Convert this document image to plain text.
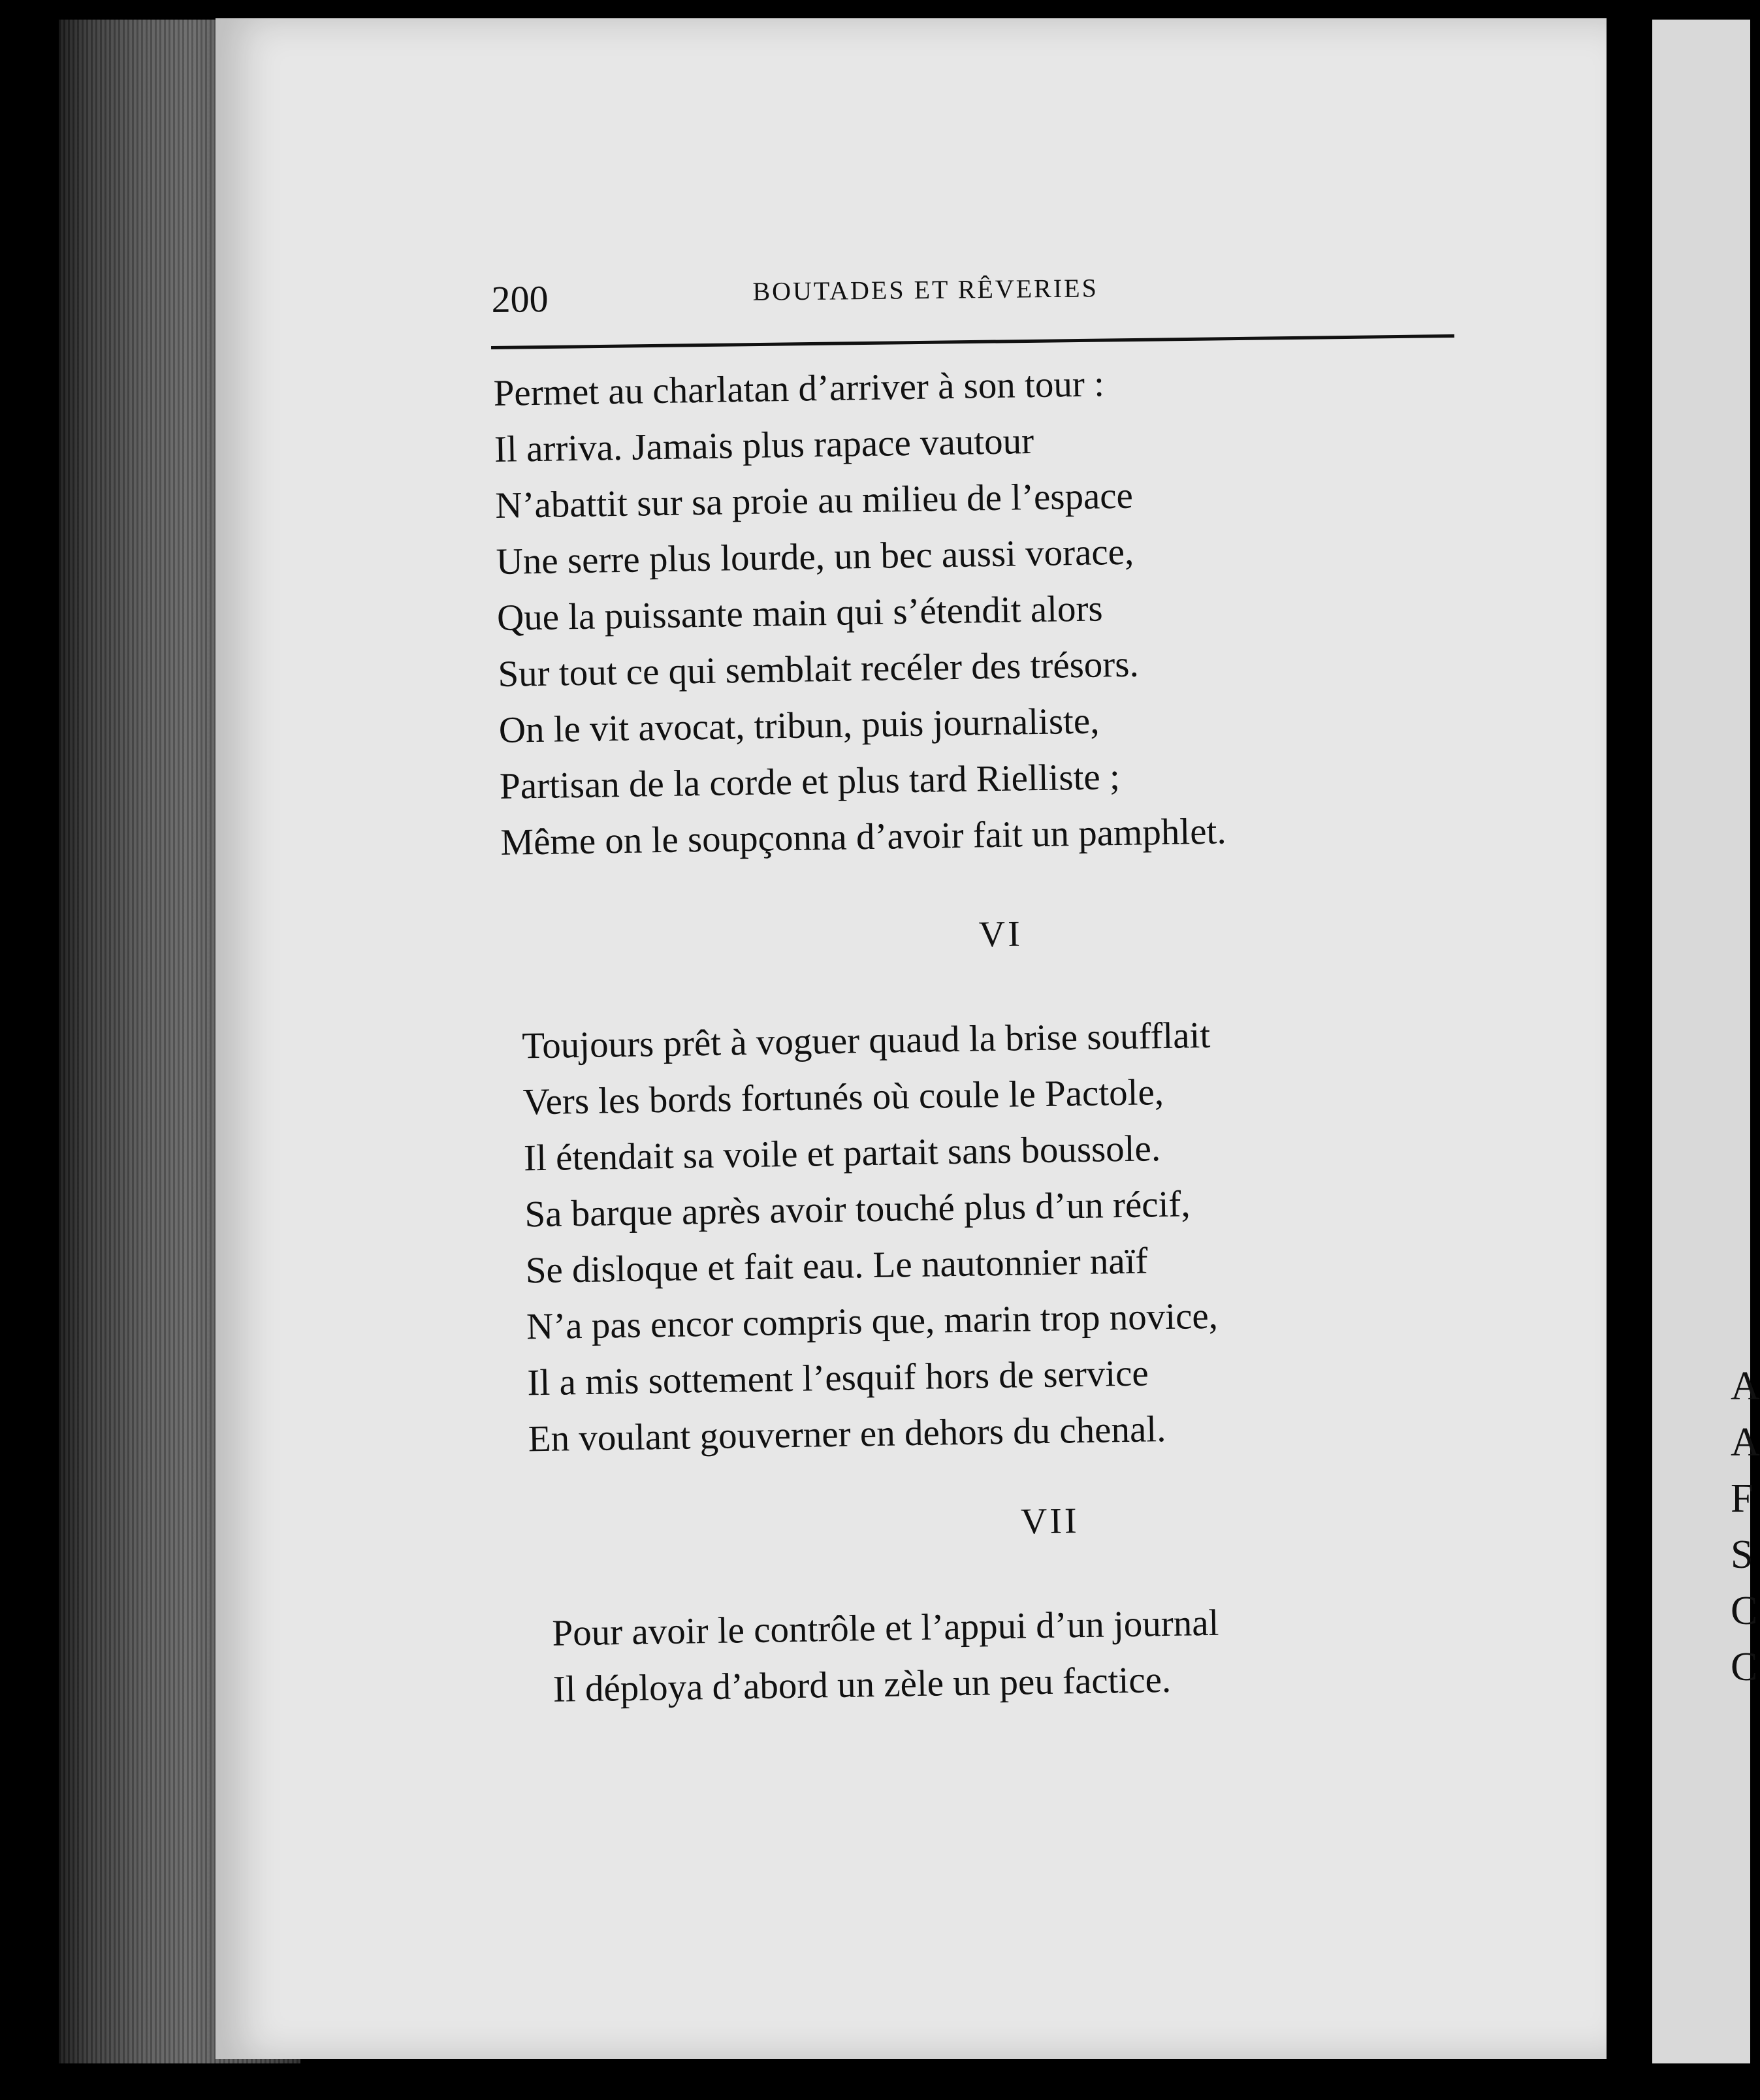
A
A
F
S
C
C
200	BOUTADES ET RÊVERIES
Permet au charlatan d’arriver à son tour :
Il arriva. Jamais plus rapace vautour
N’abattit sur sa proie au milieu de l’espace
Une serre plus lourde, un bec aussi vorace,
Que la puissante main qui s’étendit alors
Sur tout ce qui semblait recéler des trésors.
On le vit avocat, tribun, puis journaliste,
Partisan de la corde et plus tard Rielliste ;
Même on le soupçonna d’avoir fait un pamphlet.
VI
Toujours prêt à voguer quaud la brise soufflait
Vers les bords fortunés où coule le Pactole,
Il étendait sa voile et partait sans boussole.
Sa barque après avoir touché plus d’un récif,
Se disloque et fait eau. Le nautonnier naïf
N’a pas encor compris que, marin trop novice,
Il a mis sottement l’esquif hors de service
En voulant gouverner en dehors du chenal.
VII
Pour avoir le contrôle et l’appui d’un journal
Il déploya d’abord un zèle un peu factice.
